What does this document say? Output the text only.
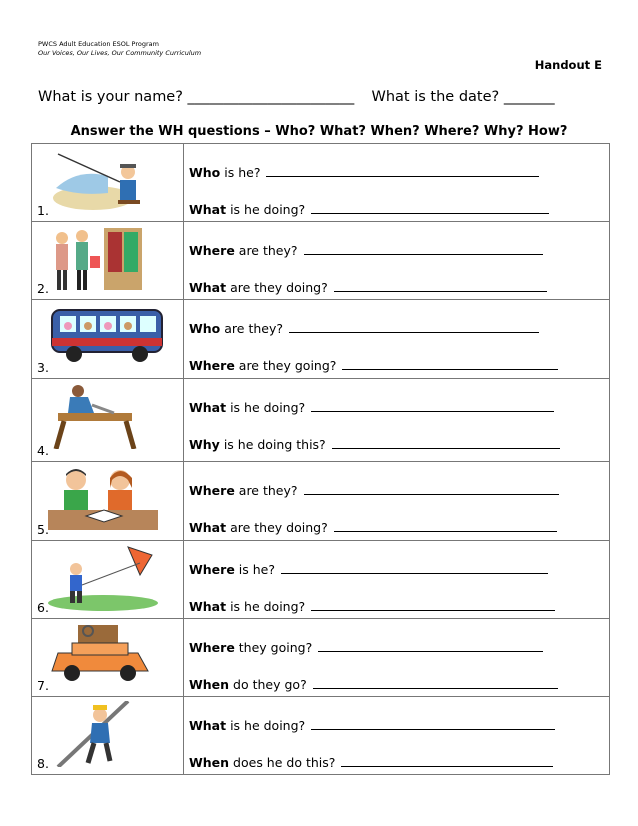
PWCS Adult Education ESOL Program
Our Voices, Our Lives, Our Community Curriculum
Handout E
What is your name? _______________________ What is the date? _______
Answer the WH questions – Who? What? When? Where? Why? How?
1.	Who is he?
What is he doing?

2.	Where are they?
What are they doing?

3.	Who are they?
Where are they going?

4.	What is he doing?
Why is he doing this?

5.	Where are they?
What are they doing?

6.	Where is he?
What is he doing?

7.	Where they going?
When do they go?

8.	What is he doing?
When does he do this?
